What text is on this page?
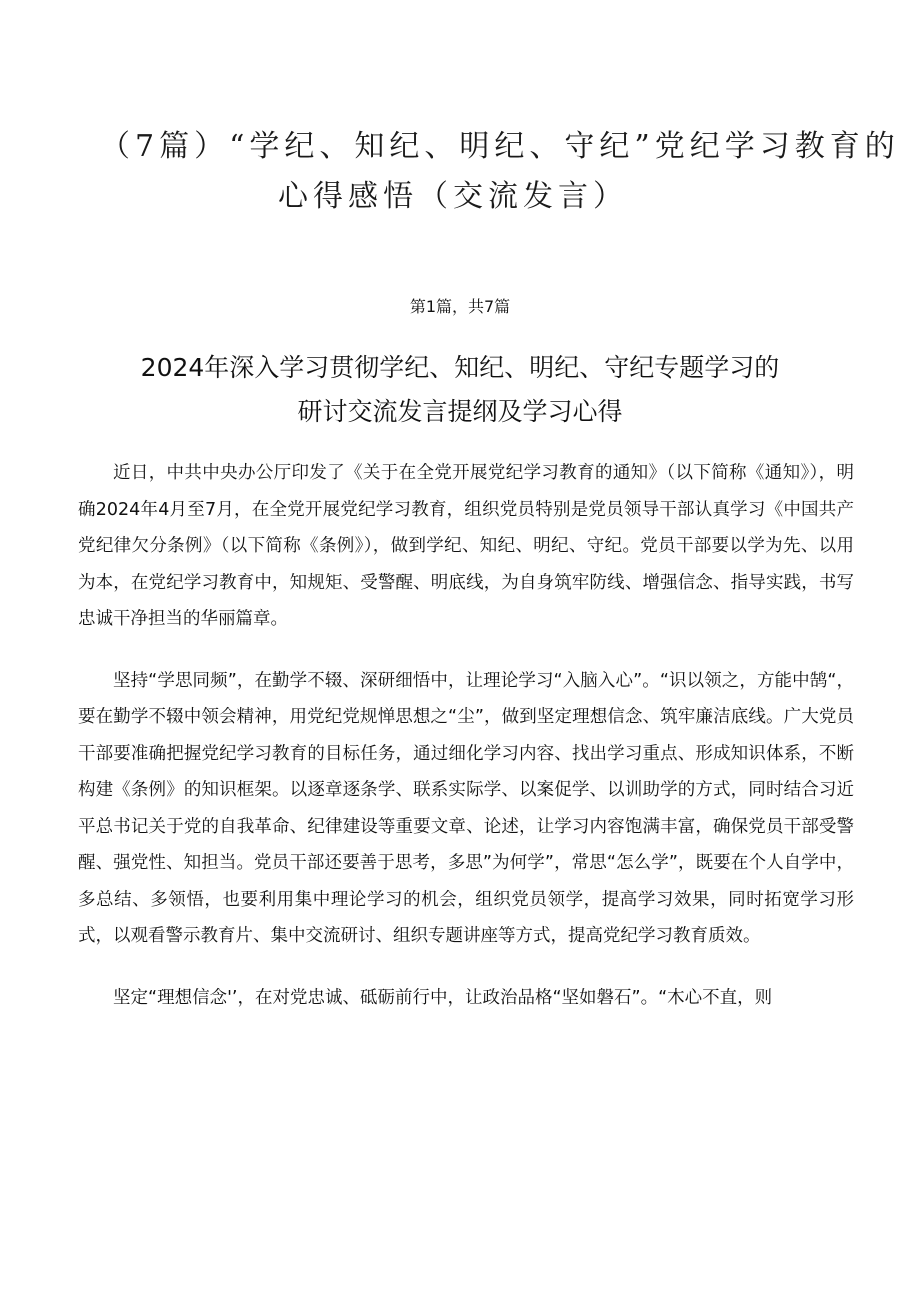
（7篇）“学纪、知纪、明纪、守纪”党纪学习教育的
心得感悟（交流发言）
第1篇，共7篇
2024年深入学习贯彻学纪、知纪、明纪、守纪专题学习的
研讨交流发言提纲及学习心得

近日，中共中央办公厅印发了《关于在全党开展党纪学习教育的通知》（以下简称《通知》），明确2024年4月至7月，在全党开展党纪学习教育，组织党员特别是党员领导干部认真学习《中国共产党纪律欠分条例》（以下简称《条例》），做到学纪、知纪、明纪、守纪。党员干部要以学为先、以用为本，在党纪学习教育中，知规矩、受警醒、明底线，为自身筑牢防线、增强信念、指导实践，书写忠诚干净担当的华丽篇章。

坚持“学思同频”，在勤学不辍、深研细悟中，让理论学习“入脑入心”。“识以领之，方能中鹄“，要在勤学不辍中领会精神，用党纪党规惮思想之“尘”，做到坚定理想信念、筑牢廉洁底线。广大党员干部要准确把握党纪学习教育的目标任务，通过细化学习内容、找出学习重点、形成知识体系，不断构建《条例》的知识框架。以逐章逐条学、联系实际学、以案促学、以训助学的方式，同时结合习近平总书记关于党的自我革命、纪律建设等重要文章、论述，让学习内容饱满丰富，确保党员干部受警醒、强党性、知担当。党员干部还要善于思考，多思”为何学”，常思“怎么学”，既要在个人自学中，多总结、多领悟，也要利用集中理论学习的机会，组织党员领学，提高学习效果，同时拓宽学习形式，以观看警示教育片、集中交流研讨、组织专题讲座等方式，提高党纪学习教育质效。

坚定“理想信念'’，在对党忠诚、砥砺前行中，让政治品格“坚如磐石”。“木心不直，则
